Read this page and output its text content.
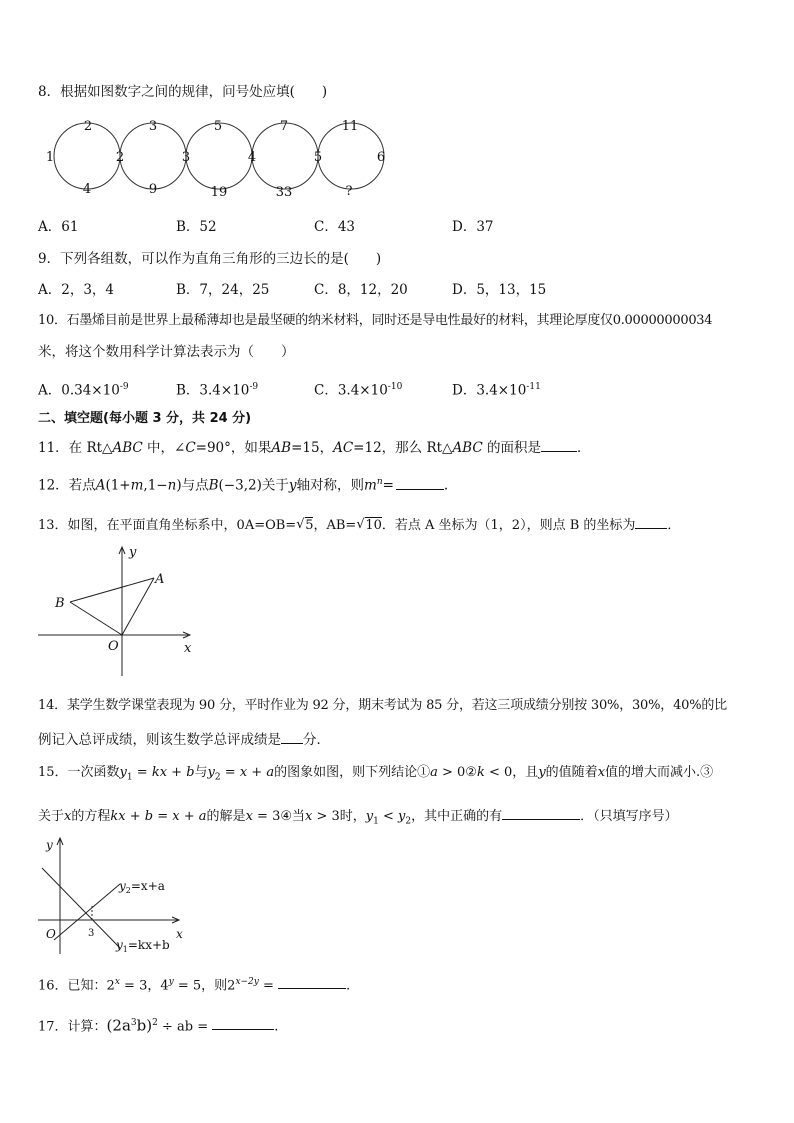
8．根据如图数字之间的规律，问号处应填(　　)
1	2	3	4	5	6
2	3	5	7	11
4	9	19	33	?
A．61	B．52	C．43	D．37
9．下列各组数，可以作为直角三角形的三边长的是(　　)
A．2，3，4	B．7，24，25	C．8，12，20	D．5，13，15
10．石墨烯目前是世界上最稀薄却也是最坚硬的纳米材料，同时还是导电性最好的材料，其理论厚度仅0.00000000034
米，将这个数用科学计算法表示为（　　）
A．$0.34\times 10^{-9}$	B．$3.4\times 10^{-9}$	C．$3.4\times 10^{-10}$	D．$3.4\times 10^{-11}$
二、填空题(每小题 3 分，共 24 分)
11．在 Rt△ABC 中，∠C=90°，如果AB=15，AC=12，那么 Rt△ABC 的面积是	．
12．若点A(1+m,1−n)与点B(−3,2)关于y轴对称，则$m^n=$	.
13．如图，在平面直角坐标系中，0A=OB= √ 5，AB= √ 10．若点 A 坐标为（1，2），则点 B 的坐标为 ．
y
x
O
A
B
14．某学生数学课堂表现为 90 分，平时作业为 92 分，期末考试为 85 分，若这三项成绩分别按 30%，30%，40%的比
例记入总评成绩，则该生数学总评成绩是 分．
15．一次函数$y_1$ = kx + b与$y_2 = x + a$的图象如图，则下列结论①a > 0②k < 0，且y的值随着x值的增大而减小.③
关于x的方程kx + b = x + a的解是x = 3④当x > 3时，$y_1 < y_2$，其中正确的有	．（只填写序号）
y
x
O	3
$y_2=x+a$
$y_1=kx+b$
16．已知：$2^x = 3$，$4^y = 5$，则$2^{x-2y}$ =	.
17．计算：$(2a^3b)^2$ ÷ ab =	.
